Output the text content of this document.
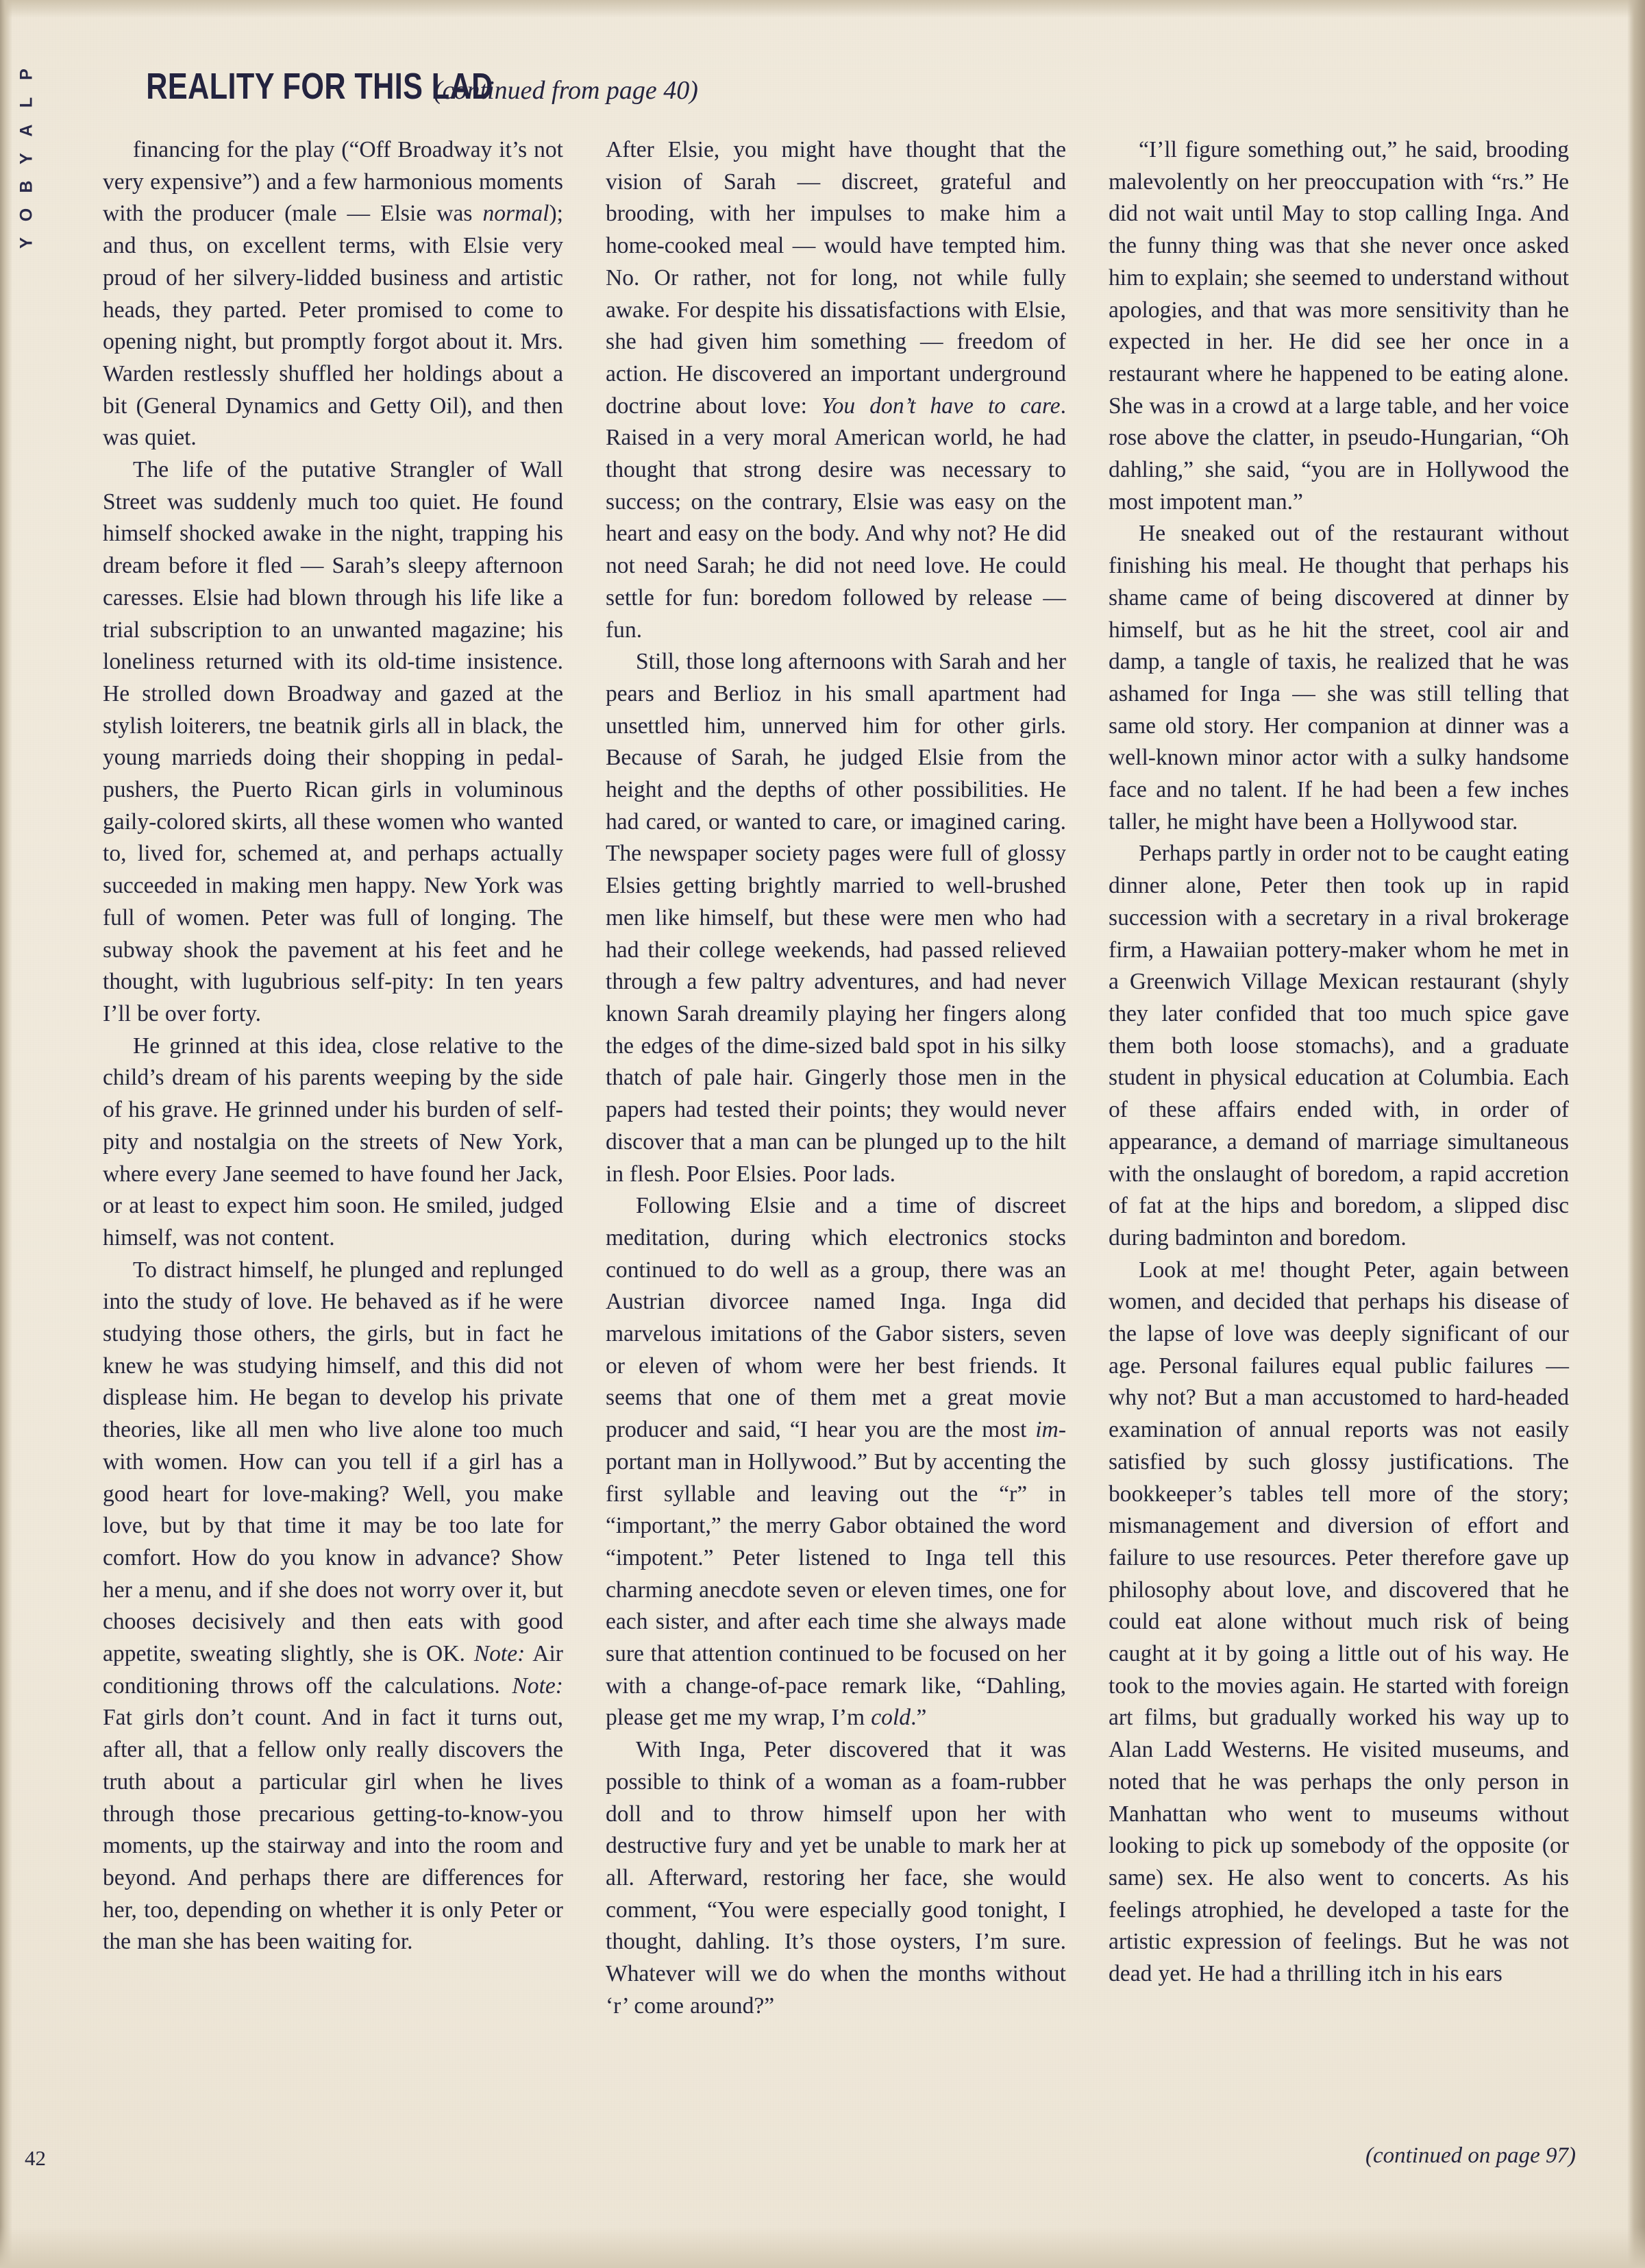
P
L
A
Y
B
O
Y
REALITY FOR THIS LAD
(continued from page 40)

financing for the play (“Off Broadway it’s not very expensive”) and a few harmonious moments with the producer (male — Elsie was normal); and thus, on excellent terms, with Elsie very proud of her silvery-lidded business and artistic heads, they parted. Peter promised to come to opening night, but promptly forgot about it. Mrs. Warden restlessly shuffled her holdings about a bit (General Dynamics and Getty Oil), and then was quiet.

The life of the putative Strangler of Wall Street was suddenly much too quiet. He found himself shocked awake in the night, trapping his dream before it fled — Sarah’s sleepy afternoon caresses. Elsie had blown through his life like a trial subscription to an unwanted magazine; his loneliness returned with its old-time insistence. He strolled down Broadway and gazed at the stylish loiterers, tne beatnik girls all in black, the young marrieds doing their shopping in pedal-pushers, the Puerto Rican girls in voluminous gaily-colored skirts, all these women who wanted to, lived for, schemed at, and perhaps actually succeeded in making men happy. New York was full of women. Peter was full of longing. The subway shook the pavement at his feet and he thought, with lugubrious self-pity: In ten years I’ll be over forty.

He grinned at this idea, close relative to the child’s dream of his parents weeping by the side of his grave. He grinned under his burden of self-pity and nostalgia on the streets of New York, where every Jane seemed to have found her Jack, or at least to expect him soon. He smiled, judged himself, was not content.

To distract himself, he plunged and replunged into the study of love. He behaved as if he were studying those others, the girls, but in fact he knew he was studying himself, and this did not displease him. He began to develop his private theories, like all men who live alone too much with women. How can you tell if a girl has a good heart for love-making? Well, you make love, but by that time it may be too late for comfort. How do you know in advance? Show her a menu, and if she does not worry over it, but chooses decisively and then eats with good appetite, sweating slightly, she is OK. Note: Air conditioning throws off the calculations. Note: Fat girls don’t count. And in fact it turns out, after all, that a fellow only really discovers the truth about a particular girl when he lives through those precarious getting-to-know-you moments, up the stairway and into the room and beyond. And perhaps there are differences for her, too, depending on whether it is only Peter or the man she has been waiting for.

After Elsie, you might have thought that the vision of Sarah — discreet, grateful and brooding, with her impulses to make him a home-cooked meal — would have tempted him. No. Or rather, not for long, not while fully awake. For despite his dissatisfactions with Elsie, she had given him something — freedom of action. He discovered an important underground doctrine about love: You don’t have to care. Raised in a very moral American world, he had thought that strong desire was necessary to success; on the contrary, Elsie was easy on the heart and easy on the body. And why not? He did not need Sarah; he did not need love. He could settle for fun: boredom followed by release — fun.

Still, those long afternoons with Sarah and her pears and Berlioz in his small apartment had unsettled him, unnerved him for other girls. Because of Sarah, he judged Elsie from the height and the depths of other possibilities. He had cared, or wanted to care, or imagined caring. The newspaper society pages were full of glossy Elsies getting brightly married to well-brushed men like himself, but these were men who had had their college weekends, had passed relieved through a few paltry adventures, and had never known Sarah dreamily playing her fingers along the edges of the dime-sized bald spot in his silky thatch of pale hair. Gingerly those men in the papers had tested their points; they would never discover that a man can be plunged up to the hilt in flesh. Poor Elsies. Poor lads.

Following Elsie and a time of discreet meditation, during which electronics stocks continued to do well as a group, there was an Austrian divorcee named Inga. Inga did marvelous imitations of the Gabor sisters, seven or eleven of whom were her best friends. It seems that one of them met a great movie producer and said, “I hear you are the most im-portant man in Hollywood.” But by accenting the first syllable and leaving out the “r” in “important,” the merry Gabor obtained the word “impotent.” Peter listened to Inga tell this charming anecdote seven or eleven times, one for each sister, and after each time she always made sure that attention continued to be focused on her with a change-of-pace remark like, “Dahling, please get me my wrap, I’m cold.”

With Inga, Peter discovered that it was possible to think of a woman as a foam-rubber doll and to throw himself upon her with destructive fury and yet be unable to mark her at all. Afterward, restoring her face, she would comment, “You were especially good tonight, I thought, dahling. It’s those oysters, I’m sure. Whatever will we do when the months without ‘r’ come around?”

“I’ll figure something out,” he said, brooding malevolently on her preoccupation with “rs.” He did not wait until May to stop calling Inga. And the funny thing was that she never once asked him to explain; she seemed to understand without apologies, and that was more sensitivity than he expected in her. He did see her once in a restaurant where he happened to be eating alone. She was in a crowd at a large table, and her voice rose above the clatter, in pseudo-Hungarian, “Oh dahling,” she said, “you are in Hollywood the most impotent man.”

He sneaked out of the restaurant without finishing his meal. He thought that perhaps his shame came of being discovered at dinner by himself, but as he hit the street, cool air and damp, a tangle of taxis, he realized that he was ashamed for Inga — she was still telling that same old story. Her companion at dinner was a well-known minor actor with a sulky handsome face and no talent. If he had been a few inches taller, he might have been a Hollywood star.

Perhaps partly in order not to be caught eating dinner alone, Peter then took up in rapid succession with a secretary in a rival brokerage firm, a Hawaiian pottery-maker whom he met in a Greenwich Village Mexican restaurant (shyly they later confided that too much spice gave them both loose stomachs), and a graduate student in physical education at Columbia. Each of these affairs ended with, in order of appearance, a demand of marriage simultaneous with the onslaught of boredom, a rapid accretion of fat at the hips and boredom, a slipped disc during badminton and boredom.

Look at me! thought Peter, again between women, and decided that perhaps his disease of the lapse of love was deeply significant of our age. Personal failures equal public failures — why not? But a man accustomed to hard-headed examination of annual reports was not easily satisfied by such glossy justifications. The bookkeeper’s tables tell more of the story; mismanagement and diversion of effort and failure to use resources. Peter therefore gave up philosophy about love, and discovered that he could eat alone without much risk of being caught at it by going a little out of his way. He took to the movies again. He started with foreign art films, but gradually worked his way up to Alan Ladd Westerns. He visited museums, and noted that he was perhaps the only person in Manhattan who went to museums without looking to pick up somebody of the opposite (or same) sex. He also went to concerts. As his feelings atrophied, he developed a taste for the artistic expression of feelings. But he was not dead yet. He had a thrilling itch in his ears

42	(continued on page 97)
